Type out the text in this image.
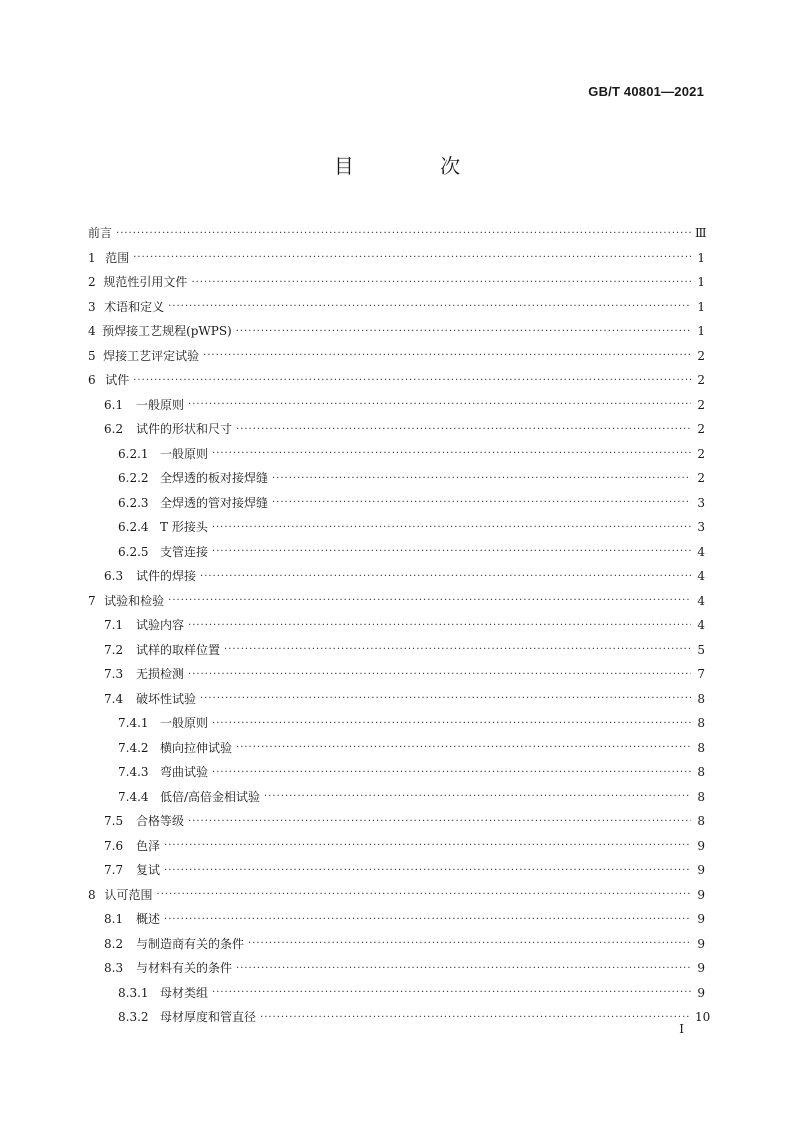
GB/T 40801—2021
目 次
前言 ·····	Ⅲ
1 范围 ·····	1
2 规范性引用文件 ·····	1
3 术语和定义 ·····	1
4 预焊接工艺规程(pWPS) ·····	1
5 焊接工艺评定试验 ·····	2
6 试件 ·····	2
6.1	一般原则 ·····	2
6.2	试件的形状和尺寸 ·····	2
6.2.1 一般原则 ·····	2
6.2.2 全焊透的板对接焊缝 ·····	2
6.2.3 全焊透的管对接焊缝 ·····	3
6.2.4 T 形接头 ·····	3
6.2.5 支管连接 ·····	4
6.3	试件的焊接 ·····	4
7 试验和检验 ·····	4
7.1	试验内容 ·····	4
7.2	试样的取样位置 ·····	5
7.3	无损检测 ·····	7
7.4	破坏性试验 ·····	8
7.4.1 一般原则 ·····	8
7.4.2 横向拉伸试验 ·····	8
7.4.3 弯曲试验 ·····	8
7.4.4 低倍/高倍金相试验 ·····	8
7.5	合格等级 ·····	8
7.6	色泽 ·····	9
7.7	复试 ·····	9
8 认可范围 ·····	9
8.1	概述 ·····	9
8.2	与制造商有关的条件 ·····	9
8.3	与材料有关的条件 ·····	9
8.3.1 母材类组 ·····	9
8.3.2 母材厚度和管直径 ·····	10
I
